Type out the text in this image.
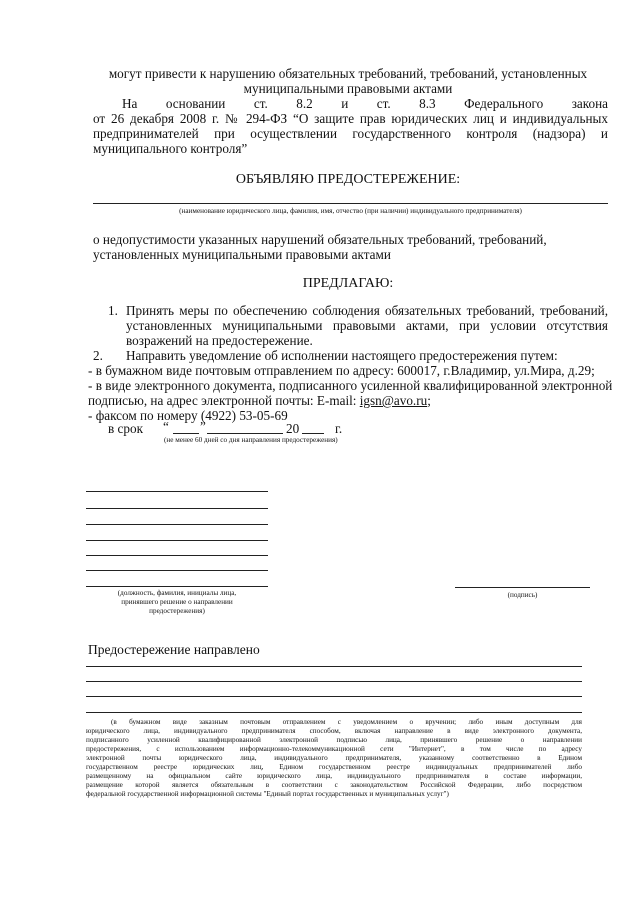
могут привести к нарушению обязательных требований, требований, установленных
муниципальными правовыми актами
На основании ст. 8.2 и ст. 8.3 Федерального закона
от 26 декабря 2008 г. № 294-ФЗ “О защите прав юридических лиц и индивидуальных
предпринимателей при осуществлении государственного контроля (надзора) и
муниципального контроля”
ОБЪЯВЛЯЮ ПРЕДОСТЕРЕЖЕНИЕ:
(наименование юридического лица, фамилия, имя, отчество (при наличии) индивидуального предпринимателя)
о недопустимости указанных нарушений обязательных требований, требований,
установленных муниципальными правовыми актами
ПРЕДЛАГАЮ:
1. Принять меры по обеспечению соблюдения обязательных требований, требований,
установленных муниципальными правовыми актами, при условии отсутствия
возражений на предостережение.
2. Направить уведомление об исполнении настоящего предостережения путем:
- в бумажном виде почтовым отправлением по адресу: 600017, г.Владимир, ул.Мира, д.29;
- в виде электронного документа, подписанного усиленной квалифицированной электронной
подписью, на адрес электронной почты: E-mail: igsn@avo.ru;
- факсом по номеру (4922) 53-05-69
в срок “ ”	20	г.
(не менее 60 дней со дня направления предостережения)
(должность, фамилия, инициалы лица,
принявшего решение о направлении
предостережения)
(подпись)
Предостережение направлено
(в бумажном виде заказным почтовым отправлением с уведомлением о вручении; либо иным доступным для
юридического лица, индивидуального предпринимателя способом, включая направление в виде электронного документа,
подписанного усиленной квалифицированной электронной подписью лица, принявшего решение о направлении
предостережения, с использованием информационно-телекоммуникационной сети "Интернет", в том числе по адресу
электронной почты юридического лица, индивидуального предпринимателя, указанному соответственно в Едином
государственном реестре юридических лиц, Едином государственном реестре индивидуальных предпринимателей либо
размещенному на официальном сайте юридического лица, индивидуального предпринимателя в составе информации,
размещение которой является обязательным в соответствии с законодательством Российской Федерации, либо посредством
федеральной государственной информационной системы "Единый портал государственных и муниципальных услуг")
